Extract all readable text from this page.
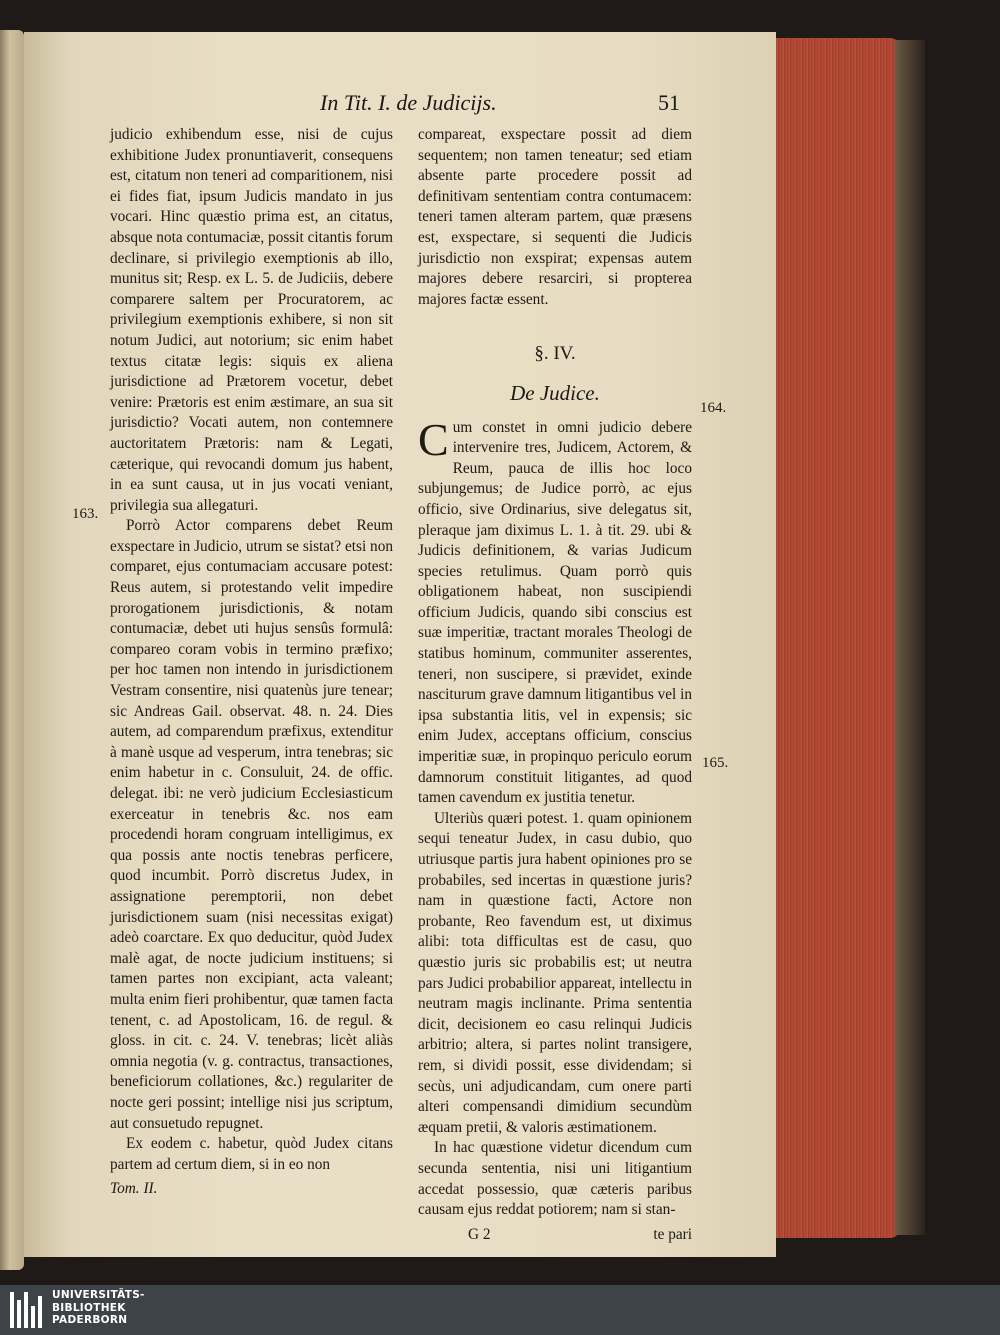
In Tit. I. de Judicijs.	51
163.
164.
165.

judicio exhibendum esse, nisi de cujus exhibitione Judex pronuntiaverit, consequens est, citatum non teneri ad comparitionem, nisi ei fides fiat, ipsum Judicis mandato in jus vocari. Hinc quæstio prima est, an citatus, absque nota contumaciæ, possit citantis forum declinare, si privilegio exemptionis ab illo, munitus sit; Resp. ex L. 5. de Judiciis, debere comparere saltem per Procuratorem, ac privilegium exemptionis exhibere, si non sit notum Judici, aut notorium; sic enim habet textus citatæ legis: siquis ex aliena jurisdictione ad Prætorem vocetur, debet venire: Prætoris est enim æstimare, an sua sit jurisdictio? Vocati autem, non contemnere auctoritatem Prætoris: nam & Legati, cæterique, qui revocandi domum jus habent, in ea sunt causa, ut in jus vocati veniant, privilegia sua allegaturi.

Porrò Actor comparens debet Reum exspectare in Judicio, utrum se sistat? etsi non comparet, ejus contumaciam accusare potest: Reus autem, si protestando velit impedire prorogationem jurisdictionis, & notam contumaciæ, debet uti hujus sensûs formulâ: compareo coram vobis in termino præfixo; per hoc tamen non intendo in jurisdictionem Vestram consentire, nisi quatenùs jure tenear; sic Andreas Gail. observat. 48. n. 24. Dies autem, ad comparendum præfixus, extenditur à manè usque ad vesperum, intra tenebras; sic enim habetur in c. Consuluit, 24. de offic. delegat. ibi: ne verò judicium Ecclesiasticum exerceatur in tenebris &c. nos eam procedendi horam congruam intelligimus, ex qua possis ante noctis tenebras perficere, quod incumbit. Porrò discretus Judex, in assignatione peremptorii, non debet jurisdictionem suam (nisi necessitas exigat) adeò coarctare. Ex quo deducitur, quòd Judex malè agat, de nocte judicium instituens; si tamen partes non excipiant, acta valeant; multa enim fieri prohibentur, quæ tamen facta tenent, c. ad Apostolicam, 16. de regul. & gloss. in cit. c. 24. V. tenebras; licèt aliàs omnia negotia (v. g. contractus, transactiones, beneficiorum collationes, &c.) regulariter de nocte geri possint; intellige nisi jus scriptum, aut consuetudo repugnet.

Ex eodem c. habetur, quòd Judex citans partem ad certum diem, si in eo non

Tom. II.

compareat, exspectare possit ad diem sequentem; non tamen teneatur; sed etiam absente parte procedere possit ad definitivam sententiam contra contumacem: teneri tamen alteram partem, quæ præsens est, exspectare, si sequenti die Judicis jurisdictio non exspirat; expensas autem majores debere resarciri, si propterea majores factæ essent.

§. IV.
De Judice.

Cum constet in omni judicio debere intervenire tres, Judicem, Actorem, & Reum, pauca de illis hoc loco subjungemus; de Judice porrò, ac ejus officio, sive Ordinarius, sive delegatus sit, pleraque jam diximus L. 1. à tit. 29. ubi & Judicis definitionem, & varias Judicum species retulimus. Quam porrò quis obligationem habeat, non suscipiendi officium Judicis, quando sibi conscius est suæ imperitiæ, tractant morales Theologi de statibus hominum, communiter asserentes, teneri, non suscipere, si prævidet, exinde nasciturum grave damnum litigantibus vel in ipsa substantia litis, vel in expensis; sic enim Judex, acceptans officium, conscius imperitiæ suæ, in propinquo periculo eorum damnorum constituit litigantes, ad quod tamen cavendum ex justitia tenetur.

Ulteriùs quæri potest. 1. quam opinionem sequi teneatur Judex, in casu dubio, quo utriusque partis jura habent opiniones pro se probabiles, sed incertas in quæstione juris? nam in quæstione facti, Actore non probante, Reo favendum est, ut diximus alibi: tota difficultas est de casu, quo quæstio juris sic probabilis est; ut neutra pars Judici probabilior appareat, intellectu in neutram magis inclinante. Prima sententia dicit, decisionem eo casu relinqui Judicis arbitrio; altera, si partes nolint transigere, rem, si dividi possit, esse dividendam; si secùs, uni adjudicandam, cum onere parti alteri compensandi dimidium secundùm æquam pretii, & valoris æstimationem.

In hac quæstione videtur dicendum cum secunda sententia, nisi uni litigantium accedat possessio, quæ cæteris paribus causam ejus reddat potiorem; nam si stan-

G 2	te pari
UNIVERSITÄTS-
BIBLIOTHEK
PADERBORN
